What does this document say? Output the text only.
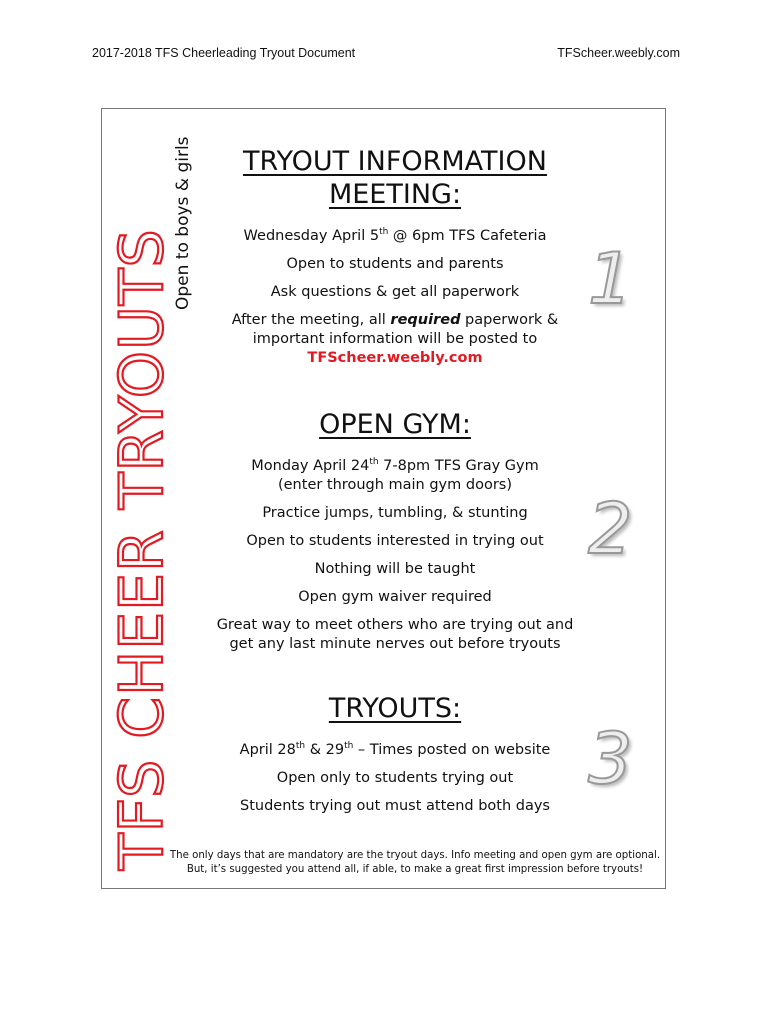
2017-2018 TFS Cheerleading Tryout Document	TFScheer.weebly.com
TFS CHEER TRYOUTS
Open to boys & girls	TRYOUT INFORMATION
MEETING:
Wednesday April 5th @ 6pm TFS Cafeteria
Open to students and parents
Ask questions & get all paperwork
After the meeting, all required paperwork &
important information will be posted to
TFScheer.weebly.com
1
OPEN GYM:
Monday April 24th 7-8pm TFS Gray Gym
(enter through main gym doors)
Practice jumps, tumbling, & stunting
Open to students interested in trying out
Nothing will be taught
Open gym waiver required
Great way to meet others who are trying out and
get any last minute nerves out before tryouts
2
TRYOUTS:
April 28th & 29th – Times posted on website
Open only to students trying out
Students trying out must attend both days
3
The only days that are mandatory are the tryout days. Info meeting and open gym are optional.
But, it’s suggested you attend all, if able, to make a great first impression before tryouts!
